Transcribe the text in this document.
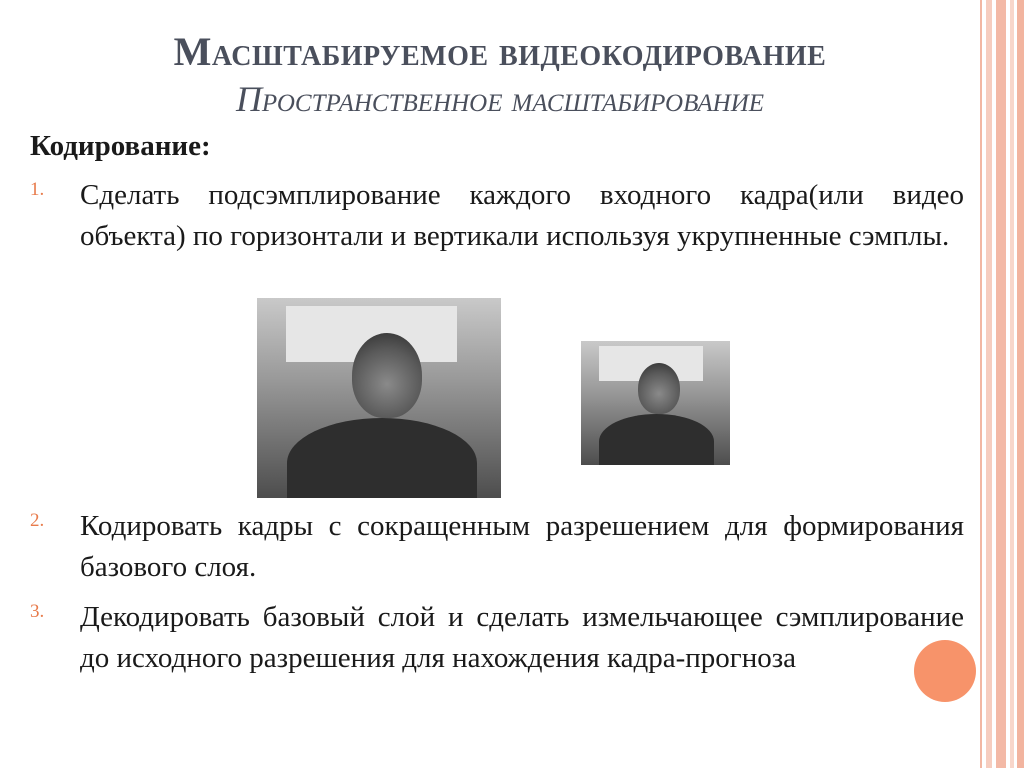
Масштабируемое видеокодирование
Пространственное масштабирование
Кодирование:
1.	Сделать подсэмплирование каждого входного кадра(или видео объекта) по горизонтали и вертикали используя укрупненные сэмплы.
2.	Кодировать кадры с сокращенным разрешением для формирования базового слоя.
3.	Декодировать базовый слой и сделать измельчающее сэмплирование до исходного разрешения для нахождения кадра-прогноза
